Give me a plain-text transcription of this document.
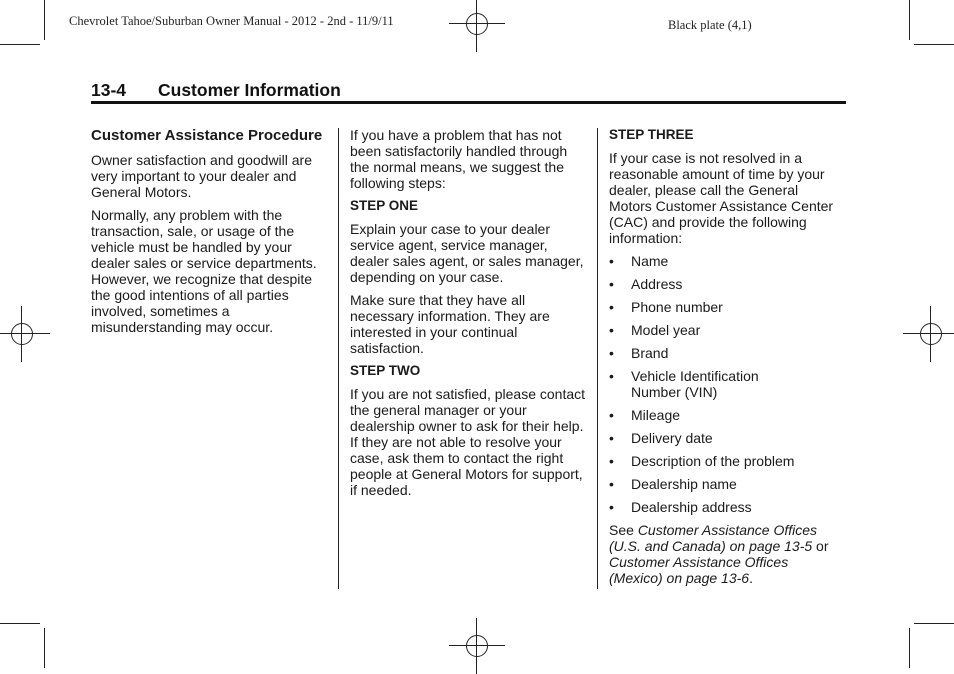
Chevrolet Tahoe/Suburban Owner Manual - 2012 - 2nd - 11/9/11	Black plate (4,1)
13-4 Customer Information
Customer Assistance Procedure

Owner satisfaction and goodwill are very important to your dealer and General Motors.

Normally, any problem with the transaction, sale, or usage of the vehicle must be handled by your dealer sales or service departments. However, we recognize that despite the good intentions of all parties involved, sometimes a misunderstanding may occur.

If you have a problem that has not been satisfactorily handled through the normal means, we suggest the following steps:

STEP ONE

Explain your case to your dealer service agent, service manager, dealer sales agent, or sales manager, depending on your case.

Make sure that they have all necessary information. They are interested in your continual satisfaction.

STEP TWO

If you are not satisfied, please contact the general manager or your dealership owner to ask for their help. If they are not able to resolve your case, ask them to contact the right people at General Motors for support, if needed.

STEP THREE

If your case is not resolved in a reasonable amount of time by your dealer, please call the General Motors Customer Assistance Center (CAC) and provide the following information:

• Name
• Address
• Phone number
• Model year
• Brand
• Vehicle Identification Number (VIN)
• Mileage
• Delivery date
• Description of the problem
• Dealership name
• Dealership address

See Customer Assistance Offices (U.S. and Canada) on page 13-5 or Customer Assistance Offices (Mexico) on page 13-6.
